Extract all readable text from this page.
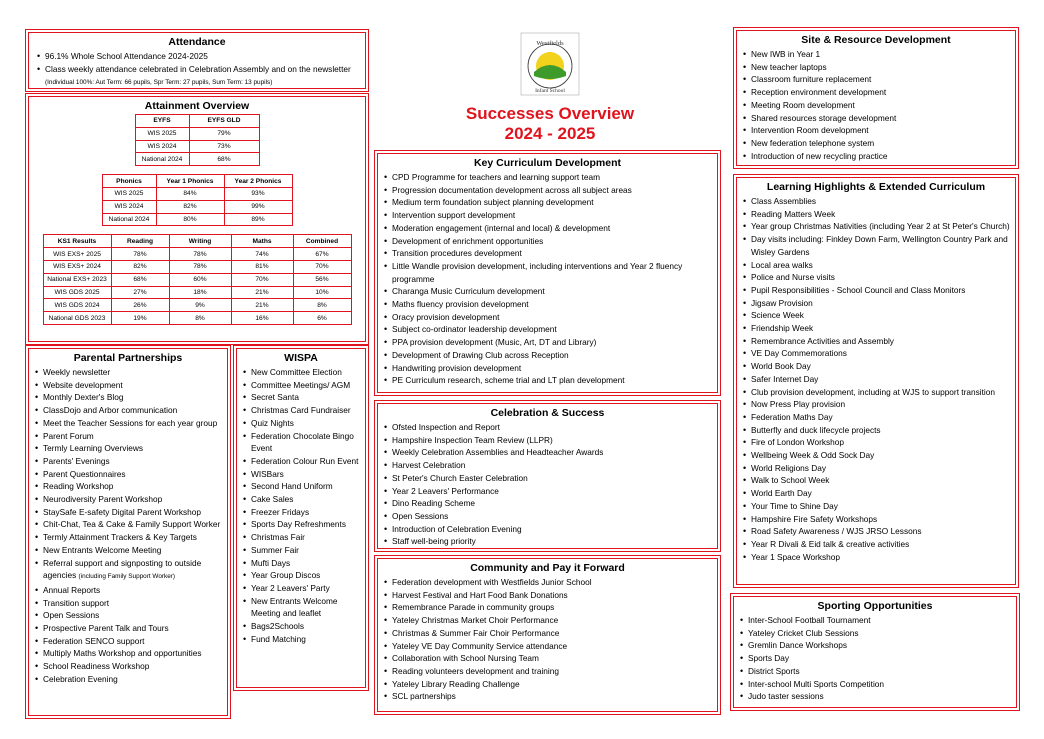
Westfields
Infant School
Successes Overview
2024 - 2025
Attendance
• 96.1% Whole School Attendance 2024-2025
• Class weekly attendance celebrated in Celebration Assembly and on the newsletter (Individual 100%: Aut Term: 66 pupils, Spr Term: 27 pupils, Sum Term: 13 pupils)
Attainment Overview
EYFS	EYFS GLD
WIS 2025	79%
WIS 2024	73%
National 2024	68%
Phonics	Year 1 Phonics	Year 2 Phonics
WIS 2025	84%	93%
WIS 2024	82%	99%
National 2024	80%	89%
KS1 Results	Reading	Writing	Maths	Combined
WIS EXS+ 2025	78%	78%	74%	67%
WIS EXS+ 2024	82%	78%	81%	70%
National EXS+ 2023	68%	60%	70%	56%
WIS GDS 2025	27%	18%	21%	10%
WIS GDS 2024	26%	9%	21%	8%
National GDS 2023	19%	8%	16%	6%
Parental Partnerships
• Weekly newsletter
• Website development
• Monthly Dexter's Blog
• ClassDojo and Arbor communication
• Meet the Teacher Sessions for each year group
• Parent Forum
• Termly Learning Overviews
• Parents' Evenings
• Parent Questionnaires
• Reading Workshop
• Neurodiversity Parent Workshop
• StaySafe E-safety Digital Parent Workshop
• Chit-Chat, Tea & Cake & Family Support Worker
• Termly Attainment Trackers & Key Targets
• New Entrants Welcome Meeting
• Referral support and signposting to outside agencies (including Family Support Worker)
• Annual Reports
• Transition support
• Open Sessions
• Prospective Parent Talk and Tours
• Federation SENCO support
• Multiply Maths Workshop and opportunities
• School Readiness Workshop
• Celebration Evening
WISPA
• New Committee Election
• Committee Meetings/ AGM
• Secret Santa
• Christmas Card Fundraiser
• Quiz Nights
• Federation Chocolate Bingo Event
• Federation Colour Run Event
• WISBars
• Second Hand Uniform
• Cake Sales
• Freezer Fridays
• Sports Day Refreshments
• Christmas Fair
• Summer Fair
• Mufti Days
• Year Group Discos
• Year 2 Leavers' Party
• New Entrants Welcome Meeting and leaflet
• Bags2Schools
• Fund Matching
Key Curriculum Development
• CPD Programme for teachers and learning support team
• Progression documentation development across all subject areas
• Medium term foundation subject planning development
• Intervention support development
• Moderation engagement (internal and local) & development
• Development of enrichment opportunities
• Transition procedures development
• Little Wandle provision development, including interventions and Year 2 fluency programme
• Charanga Music Curriculum development
• Maths fluency provision development
• Oracy provision development
• Subject co-ordinator leadership development
• PPA provision development (Music, Art, DT and Library)
• Development of Drawing Club across Reception
• Handwriting provision development
• PE Curriculum research, scheme trial and LT plan development
Celebration & Success
• Ofsted Inspection and Report
• Hampshire Inspection Team Review (LLPR)
• Weekly Celebration Assemblies and Headteacher Awards
• Harvest Celebration
• St Peter's Church Easter Celebration
• Year 2 Leavers' Performance
• Dino Reading Scheme
• Open Sessions
• Introduction of Celebration Evening
• Staff well-being priority
Community and Pay it Forward
• Federation development with Westfields Junior School
• Harvest Festival and Hart Food Bank Donations
• Remembrance Parade in community groups
• Yateley Christmas Market Choir Performance
• Christmas & Summer Fair Choir Performance
• Yateley VE Day Community Service attendance
• Collaboration with School Nursing Team
• Reading volunteers development and training
• Yateley Library Reading Challenge
• SCL partnerships
Site & Resource Development
• New IWB in Year 1
• New teacher laptops
• Classroom furniture replacement
• Reception environment development
• Meeting Room development
• Shared resources storage development
• Intervention Room development
• New federation telephone system
• Introduction of new recycling practice
Learning Highlights & Extended Curriculum
• Class Assemblies
• Reading Matters Week
• Year group Christmas Nativities (including Year 2 at St Peter's Church)
• Day visits including: Finkley Down Farm, Wellington Country Park and Wisley Gardens
• Local area walks
• Police and Nurse visits
• Pupil Responsibilities - School Council and Class Monitors
• Jigsaw Provision
• Science Week
• Friendship Week
• Remembrance Activities and Assembly
• VE Day Commemorations
• World Book Day
• Safer Internet Day
• Club provision development, including at WJS to support transition
• Now Press Play provision
• Federation Maths Day
• Butterfly and duck lifecycle projects
• Fire of London Workshop
• Wellbeing Week & Odd Sock Day
• World Religions Day
• Walk to School Week
• World Earth Day
• Your Time to Shine Day
• Hampshire Fire Safety Workshops
• Road Safety Awareness / WJS JRSO Lessons
• Year R Divali & Eid talk & creative activities
• Year 1 Space Workshop
Sporting Opportunities
• Inter-School Football Tournament
• Yateley Cricket Club Sessions
• Gremlin Dance Workshops
• Sports Day
• District Sports
• Inter-school Multi Sports Competition
• Judo taster sessions
